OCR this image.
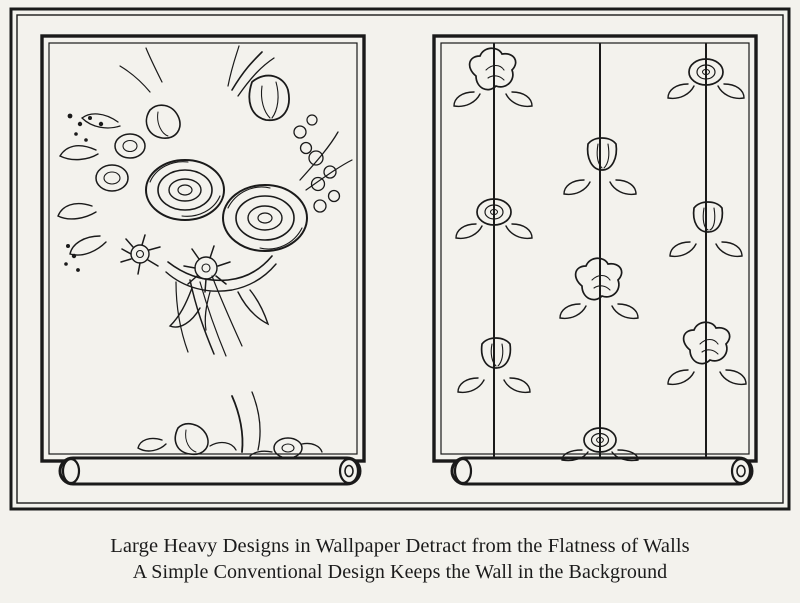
Large Heavy Designs in Wallpaper Detract from the Flatness of Walls
A Simple Conventional Design Keeps the Wall in the Background
